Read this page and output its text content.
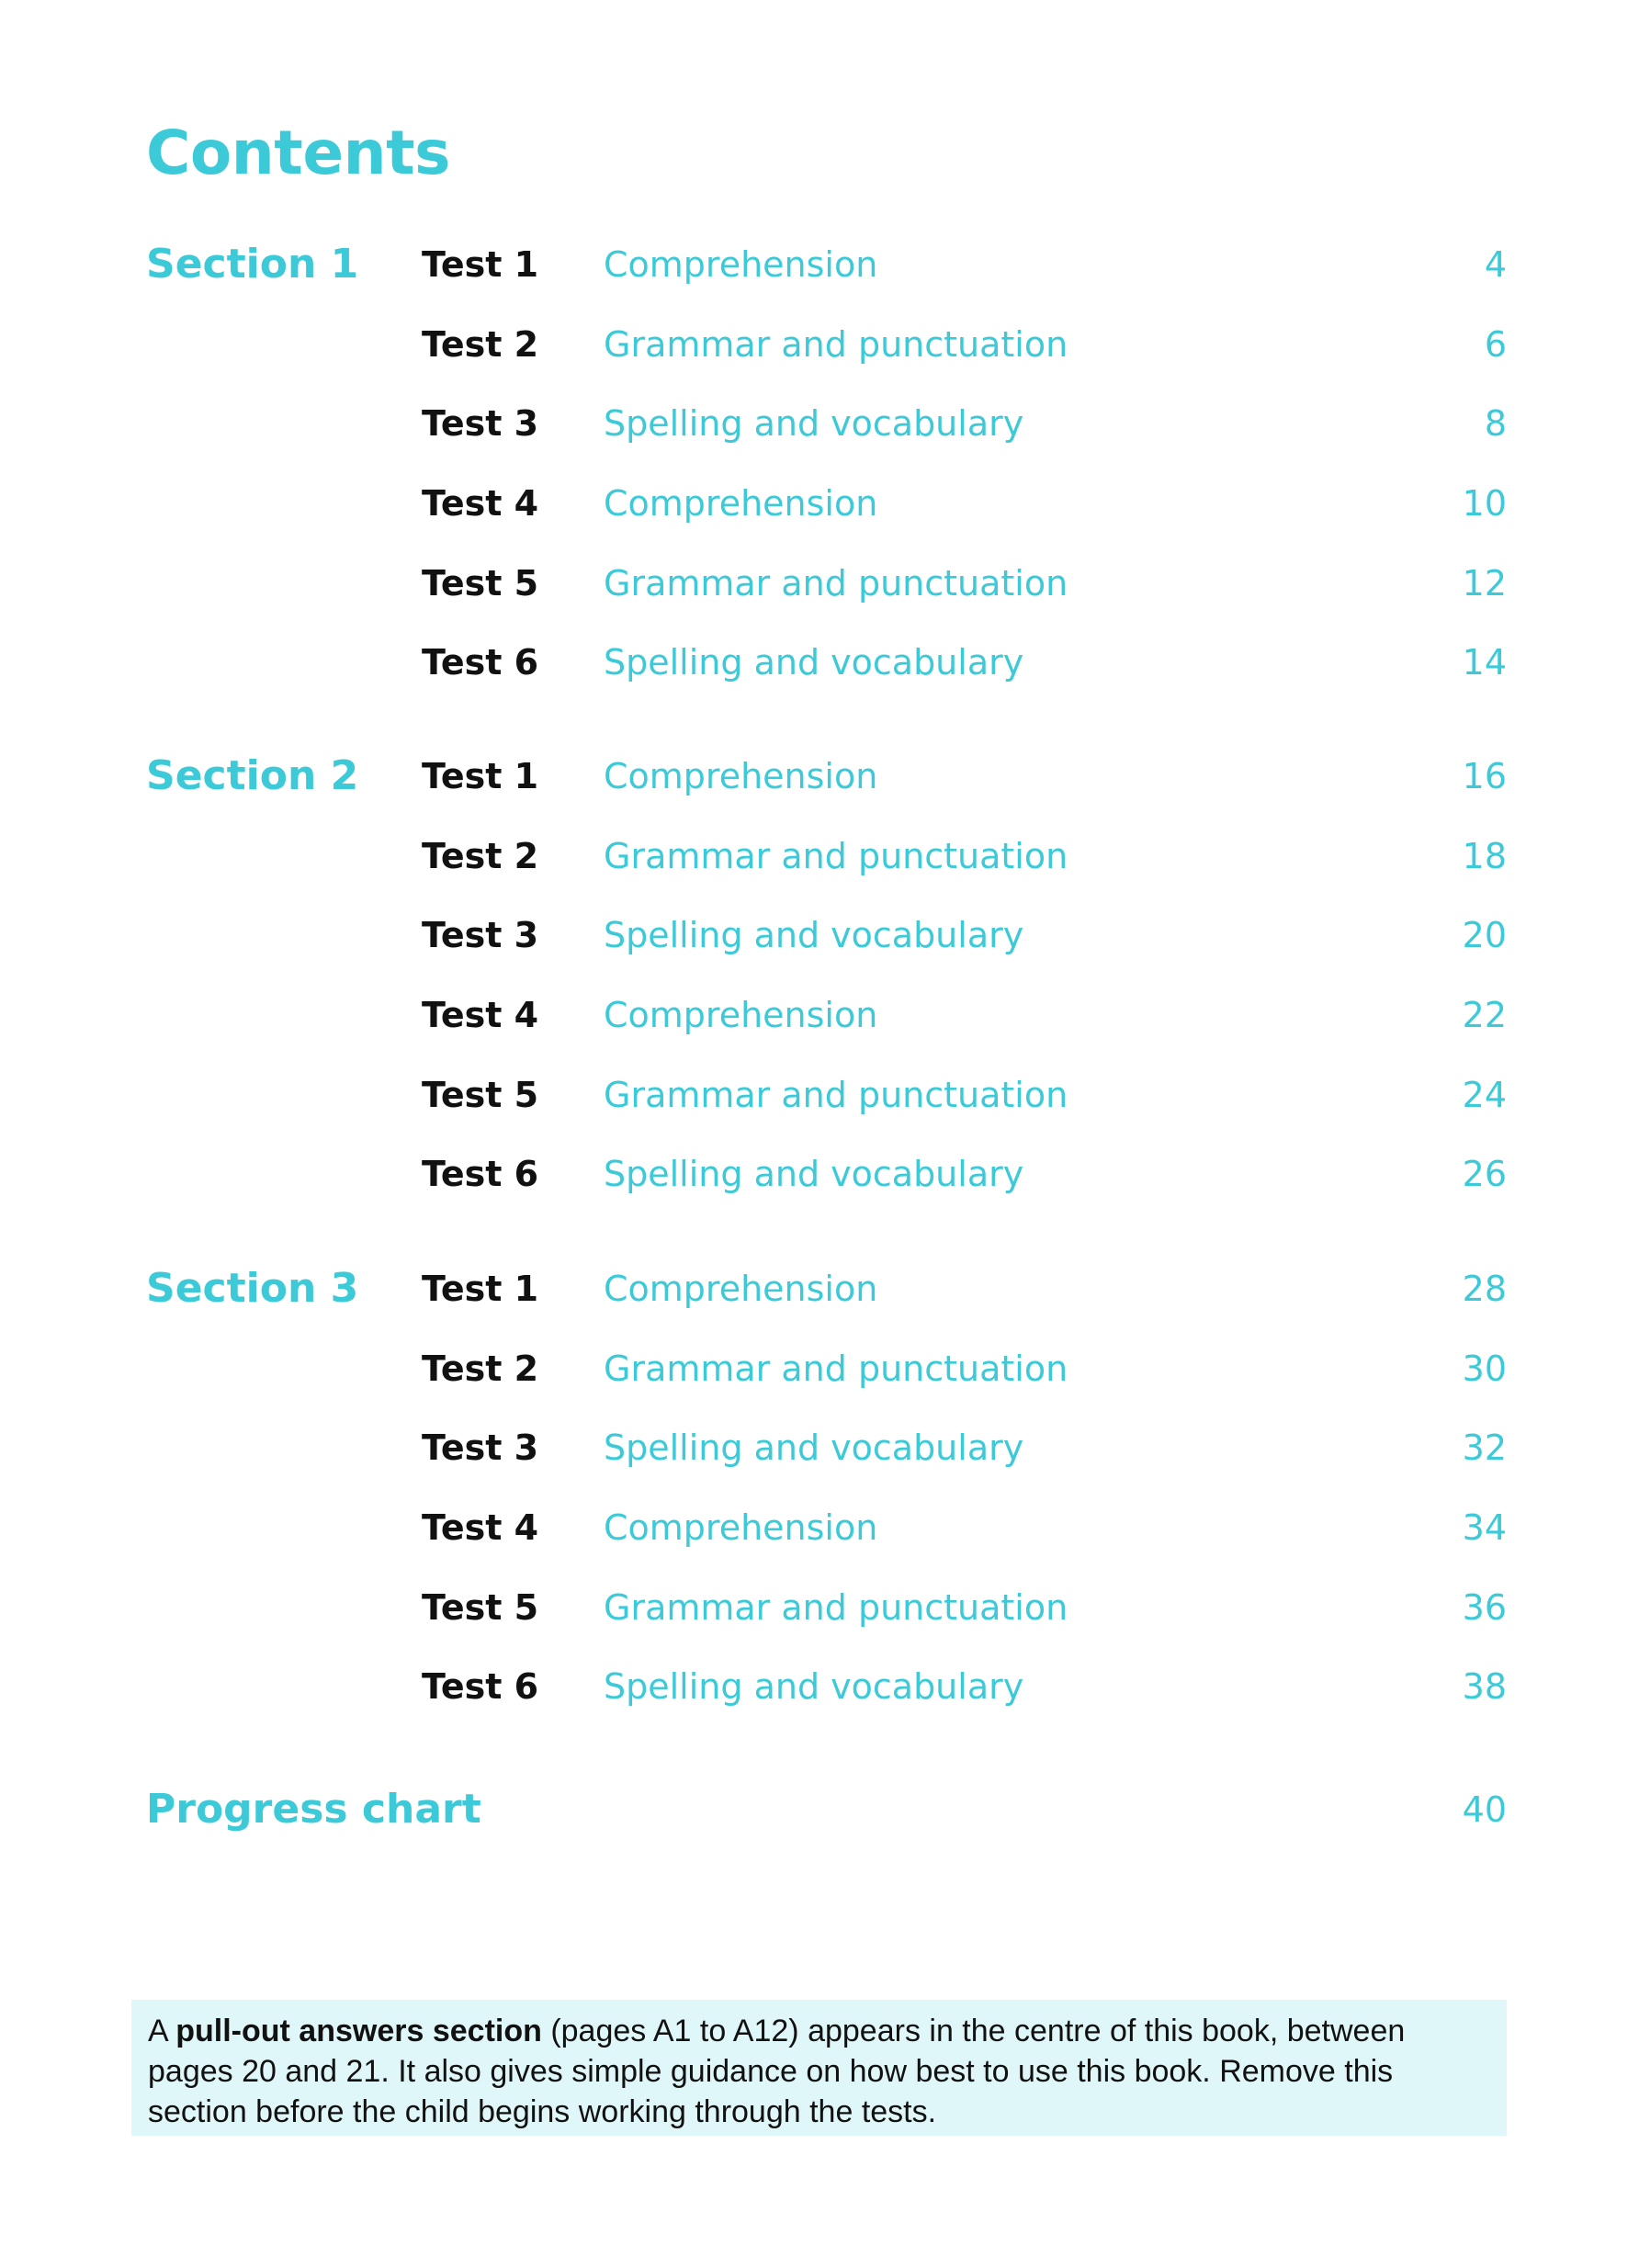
Contents
Section 1 Test 1 Comprehension	4
Test 2 Grammar and punctuation	6
Test 3 Spelling and vocabulary	8
Test 4 Comprehension	10
Test 5 Grammar and punctuation	12
Test 6 Spelling and vocabulary	14
Section 2 Test 1 Comprehension	16
Test 2 Grammar and punctuation	18
Test 3 Spelling and vocabulary	20
Test 4 Comprehension	22
Test 5 Grammar and punctuation	24
Test 6 Spelling and vocabulary	26
Section 3 Test 1 Comprehension	28
Test 2 Grammar and punctuation	30
Test 3 Spelling and vocabulary	32
Test 4 Comprehension	34
Test 5 Grammar and punctuation	36
Test 6 Spelling and vocabulary	38
Progress chart	40
A pull-out answers section (pages A1 to A12) appears in the centre of this book, between pages 20 and 21. It also gives simple guidance on how best to use this book. Remove this section before the child begins working through the tests.
